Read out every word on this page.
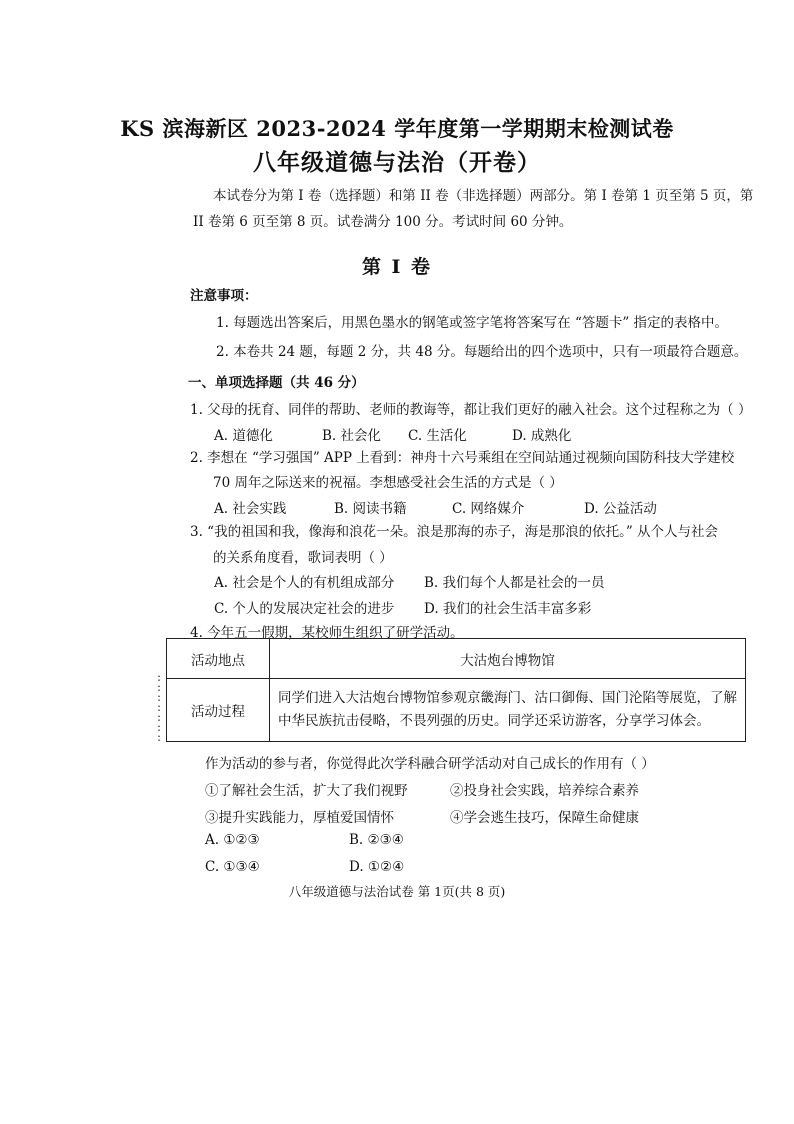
KS 滨海新区 2023-2024 学年度第一学期期末检测试卷
八年级道德与法治（开卷）
本试卷分为第 I 卷（选择题）和第 II 卷（非选择题）两部分。第 I 卷第 1 页至第 5 页，第
II 卷第 6 页至第 8 页。试卷满分 100 分。考试时间 60 分钟。
第 I 卷
注意事项：
1. 每题选出答案后，用黑色墨水的钢笔或签字笔将答案写在 “答题卡” 指定的表格中。
2. 本卷共 24 题，每题 2 分，共 48 分。每题给出的四个选项中，只有一项最符合题意。
一、单项选择题（共 46 分）
1. 父母的抚育、同伴的帮助、老师的教诲等，都让我们更好的融入社会。这个过程称之为（ ）
A. 道德化	B. 社会化 C. 生活化	D. 成熟化
2. 李想在 “学习强国” APP 上看到：神舟十六号乘组在空间站通过视频向国防科技大学建校
70 周年之际送来的祝福。李想感受社会生活的方式是（ ）
A. 社会实践	B. 阅读书籍	C. 网络媒介	D. 公益活动
3. “我的祖国和我，像海和浪花一朵。浪是那海的赤子，海是那浪的依托。” 从个人与社会
的关系角度看，歌词表明（ ）
A. 社会是个人的有机组成部分 B. 我们每个人都是社会的一员
C. 个人的发展决定社会的进步 D. 我们的社会生活丰富多彩
4. 今年五一假期，某校师生组织了研学活动。
:
:
:
:
:
:
:
活动地点	大沽炮台博物馆
活动过程	同学们进入大沽炮台博物馆参观京畿海门、沽口御侮、国门沦陷等展览，了解中华民族抗击侵略，不畏列强的历史。同学还采访游客，分享学习体会。
作为活动的参与者，你觉得此次学科融合研学活动对自己成长的作用有（ ）
①了解社会生活，扩大了我们视野	②投身社会实践，培养综合素养
③提升实践能力，厚植爱国情怀	④学会逃生技巧，保障生命健康
A. ①②③	B. ②③④
C. ①③④	D. ①②④
八年级道德与法治试卷 第 1页(共 8 页)
